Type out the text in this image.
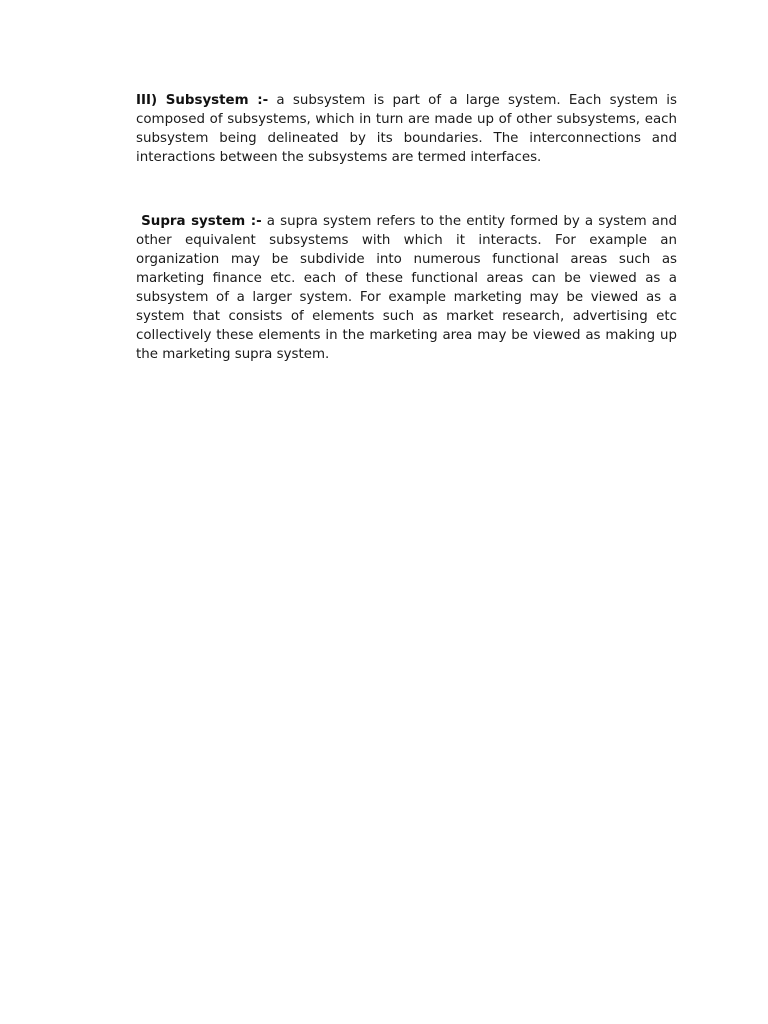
III) Subsystem :- a subsystem is part of a large system. Each system is composed of subsystems, which in turn are made up of other subsystems, each subsystem being delineated by its boundaries. The interconnections and interactions between the subsystems are termed interfaces.

Supra system :- a supra system refers to the entity formed by a system and other equivalent subsystems with which it interacts. For example an organization may be subdivide into numerous functional areas such as marketing finance etc. each of these functional areas can be viewed as a subsystem of a larger system. For example marketing may be viewed as a system that consists of elements such as market research, advertising etc collectively these elements in the marketing area may be viewed as making up the marketing supra system.
